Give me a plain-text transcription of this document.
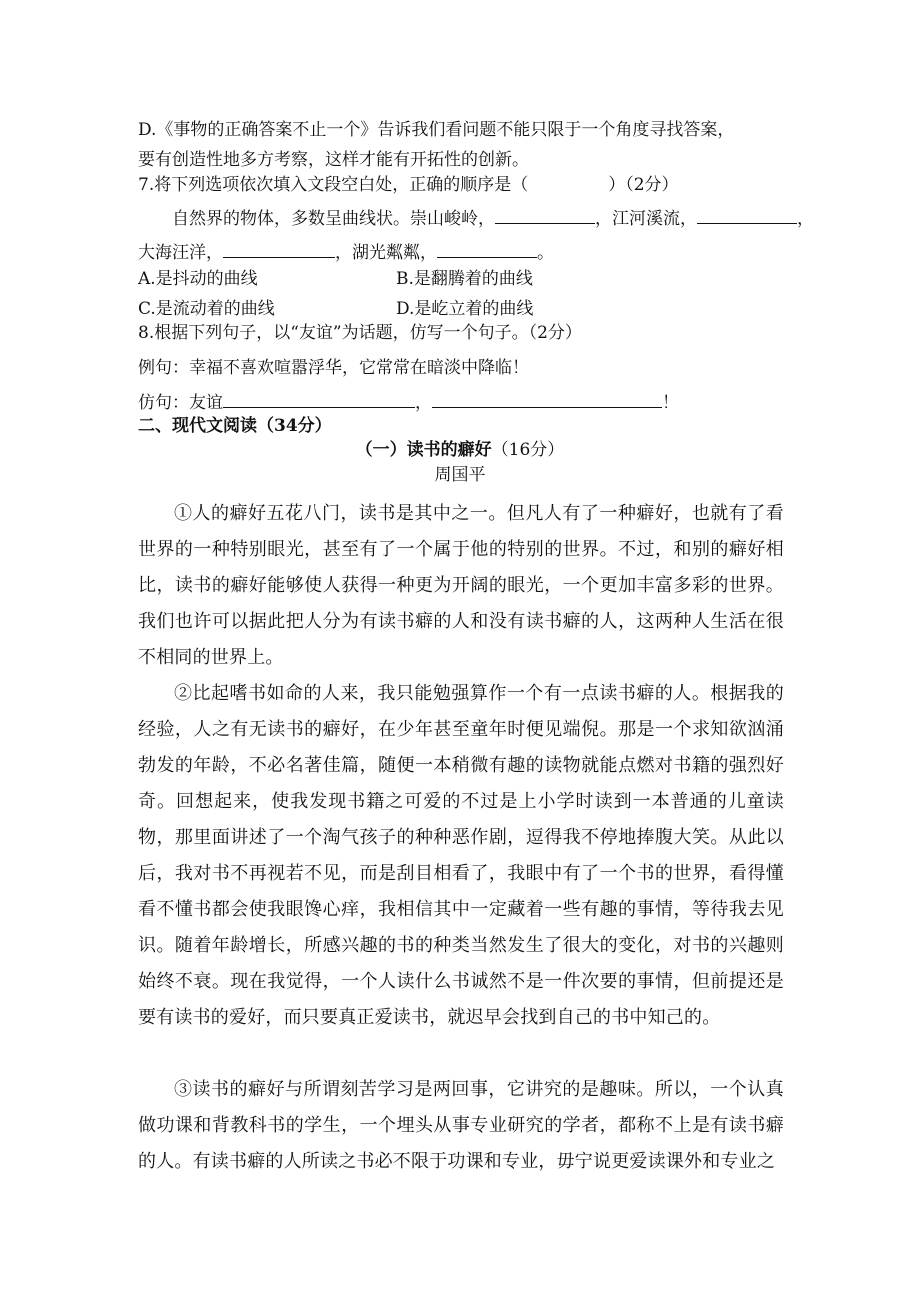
D.《事物的正确答案不止一个》告诉我们看问题不能只限于一个角度寻找答案，
要有创造性地多方考察，这样才能有开拓性的创新。
7.将下列选项依次填入文段空白处，正确的顺序是（	）（2分）
自然界的物体，多数呈曲线状。崇山峻岭，	，江河溪流，	，
大海汪洋，	，湖光粼粼，	。
A.是抖动的曲线	B.是翻腾着的曲线
C.是流动着的曲线	D.是屹立着的曲线
8.根据下列句子，以“友谊”为话题，仿写一个句子。（2分）
例句：幸福不喜欢喧嚣浮华，它常常在暗淡中降临！
仿句：友谊	，	！
二、现代文阅读（34分）
（一）读书的癖好（16分）
周国平
①人的癖好五花八门，读书是其中之一。但凡人有了一种癖好，也就有了看世界的一种特别眼光，甚至有了一个属于他的特别的世界。不过，和别的癖好相比，读书的癖好能够使人获得一种更为开阔的眼光，一个更加丰富多彩的世界。我们也许可以据此把人分为有读书癖的人和没有读书癖的人，这两种人生活在很不相同的世界上。
②比起嗜书如命的人来，我只能勉强算作一个有一点读书癖的人。根据我的经验，人之有无读书的癖好，在少年甚至童年时便见端倪。那是一个求知欲汹涌勃发的年龄，不必名著佳篇，随便一本稍微有趣的读物就能点燃对书籍的强烈好奇。回想起来，使我发现书籍之可爱的不过是上小学时读到一本普通的儿童读物，那里面讲述了一个淘气孩子的种种恶作剧，逗得我不停地捧腹大笑。从此以后，我对书不再视若不见，而是刮目相看了，我眼中有了一个书的世界，看得懂看不懂书都会使我眼馋心痒，我相信其中一定藏着一些有趣的事情，等待我去见识。随着年龄增长，所感兴趣的书的种类当然发生了很大的变化，对书的兴趣则始终不衰。现在我觉得，一个人读什么书诚然不是一件次要的事情，但前提还是要有读书的爱好，而只要真正爱读书，就迟早会找到自己的书中知己的。
③读书的癖好与所谓刻苦学习是两回事，它讲究的是趣味。所以，一个认真做功课和背教科书的学生，一个埋头从事专业研究的学者，都称不上是有读书癖的人。有读书癖的人所读之书必不限于功课和专业，毋宁说更爱读课外和专业之
